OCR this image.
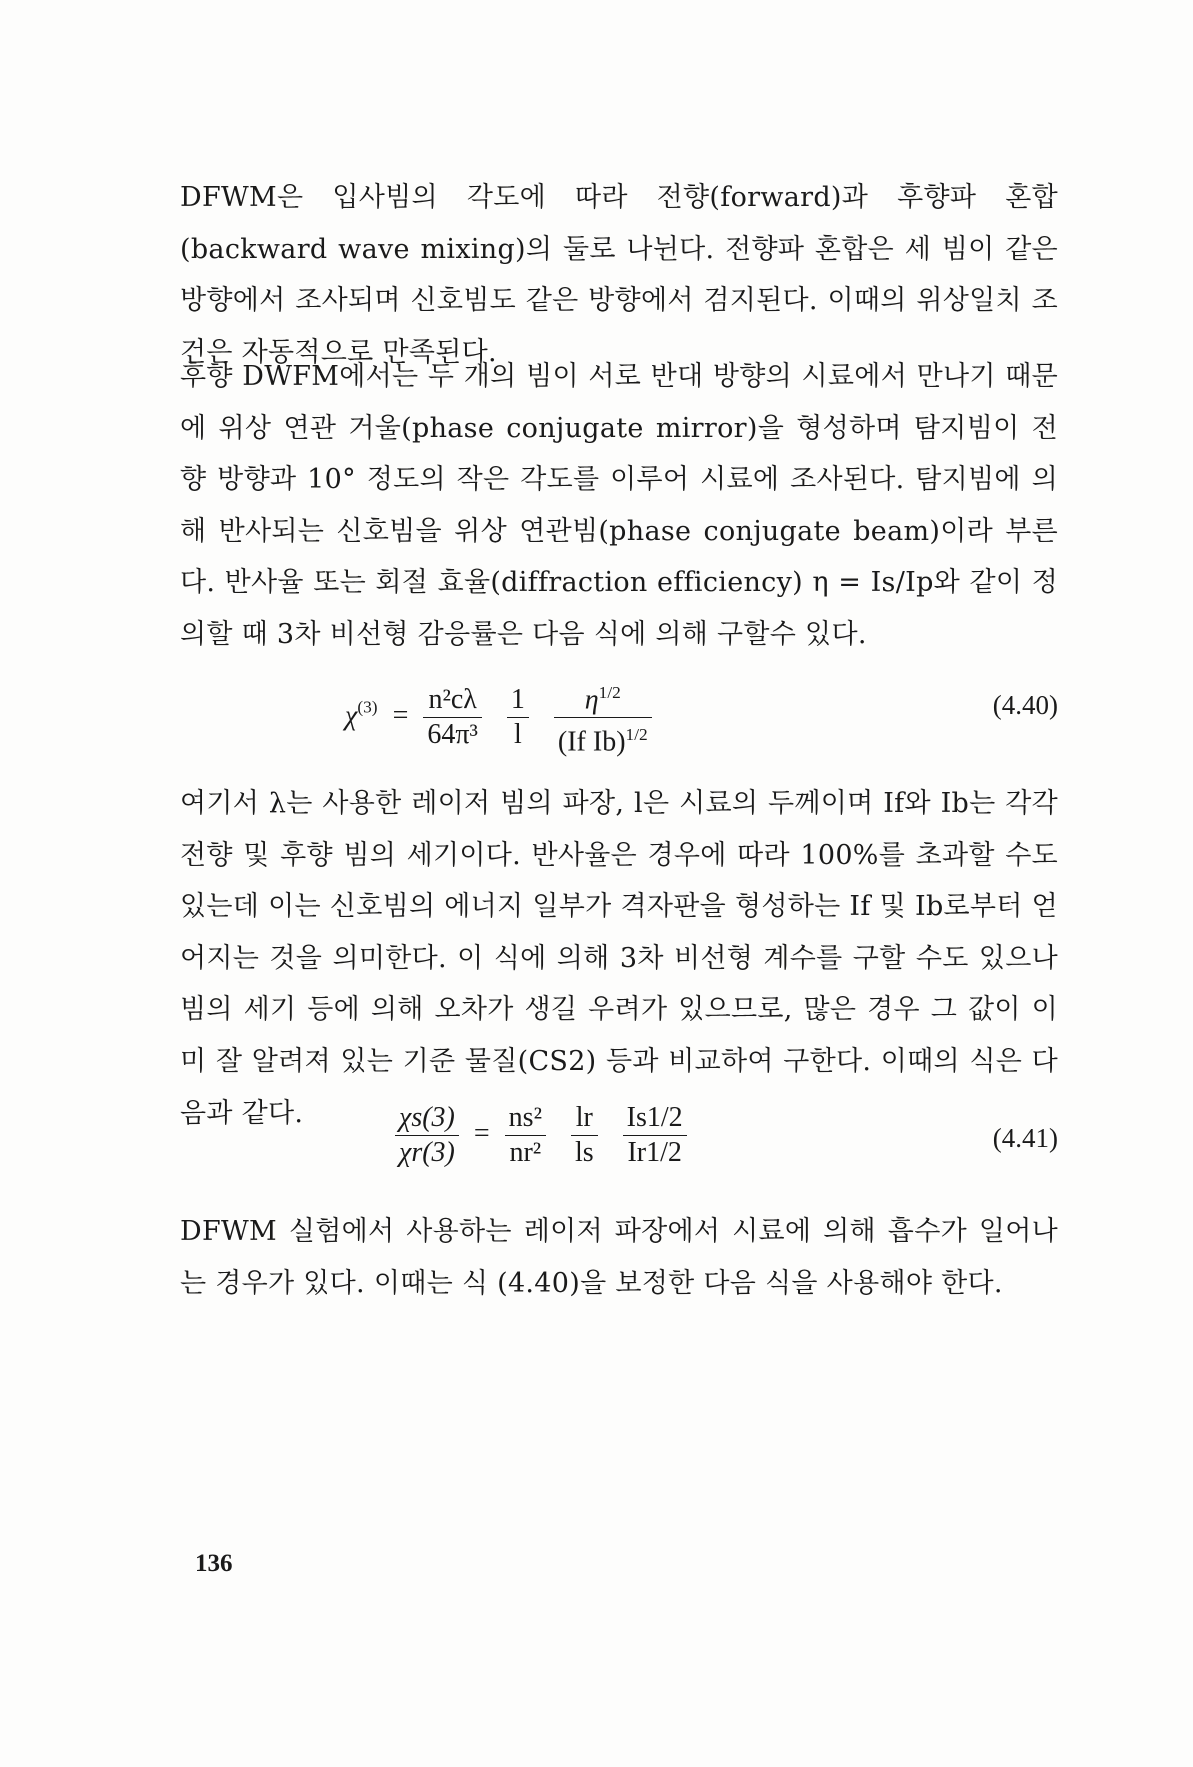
DFWM은 입사빔의 각도에 따라 전향(forward)과 후향파 혼합(backward wave mixing)의 둘로 나뉜다. 전향파 혼합은 세 빔이 같은 방향에서 조사되며 신호빔도 같은 방향에서 검지된다. 이때의 위상일치 조건은 자동적으로 만족된다.

후향 DWFM에서는 두 개의 빔이 서로 반대 방향의 시료에서 만나기 때문에 위상 연관 거울(phase conjugate mirror)을 형성하며 탐지빔이 전향 방향과 10° 정도의 작은 각도를 이루어 시료에 조사된다. 탐지빔에 의해 반사되는 신호빔을 위상 연관빔(phase conjugate beam)이라 부른다. 반사율 또는 회절 효율(diffraction efficiency) η = Is/Ip와 같이 정의할 때 3차 비선형 감응률은 다음 식에 의해 구할수 있다.

$\chi^{(3)} = \frac{\text{n²cλ}}{\text{64π³}}$
$\frac{1}{l}$
$\frac{\eta^{1/2}}{(If Ib)^{1/2}}$	(4.40)

여기서 λ는 사용한 레이저 빔의 파장, l은 시료의 두께이며 If와 Ib는 각각 전향 및 후향 빔의 세기이다. 반사율은 경우에 따라 100%를 초과할 수도 있는데 이는 신호빔의 에너지 일부가 격자판을 형성하는 If 및 Ib로부터 얻어지는 것을 의미한다. 이 식에 의해 3차 비선형 계수를 구할 수도 있으나 빔의 세기 등에 의해 오차가 생길 우려가 있으므로, 많은 경우 그 값이 이미 잘 알려져 있는 기준 물질(CS2) 등과 비교하여 구한다. 이때의 식은 다음과 같다.	$\frac{\chi s(3)}{\chi r(3)} = \frac{\text{ns²}}{\text{nr²}}$
$\frac{lr}{ls}$
$\frac{Is1/2}{Ir1/2}$	(4.41)

DFWM 실험에서 사용하는 레이저 파장에서 시료에 의해 흡수가 일어나는 경우가 있다. 이때는 식 (4.40)을 보정한 다음 식을 사용해야 한다.

136
